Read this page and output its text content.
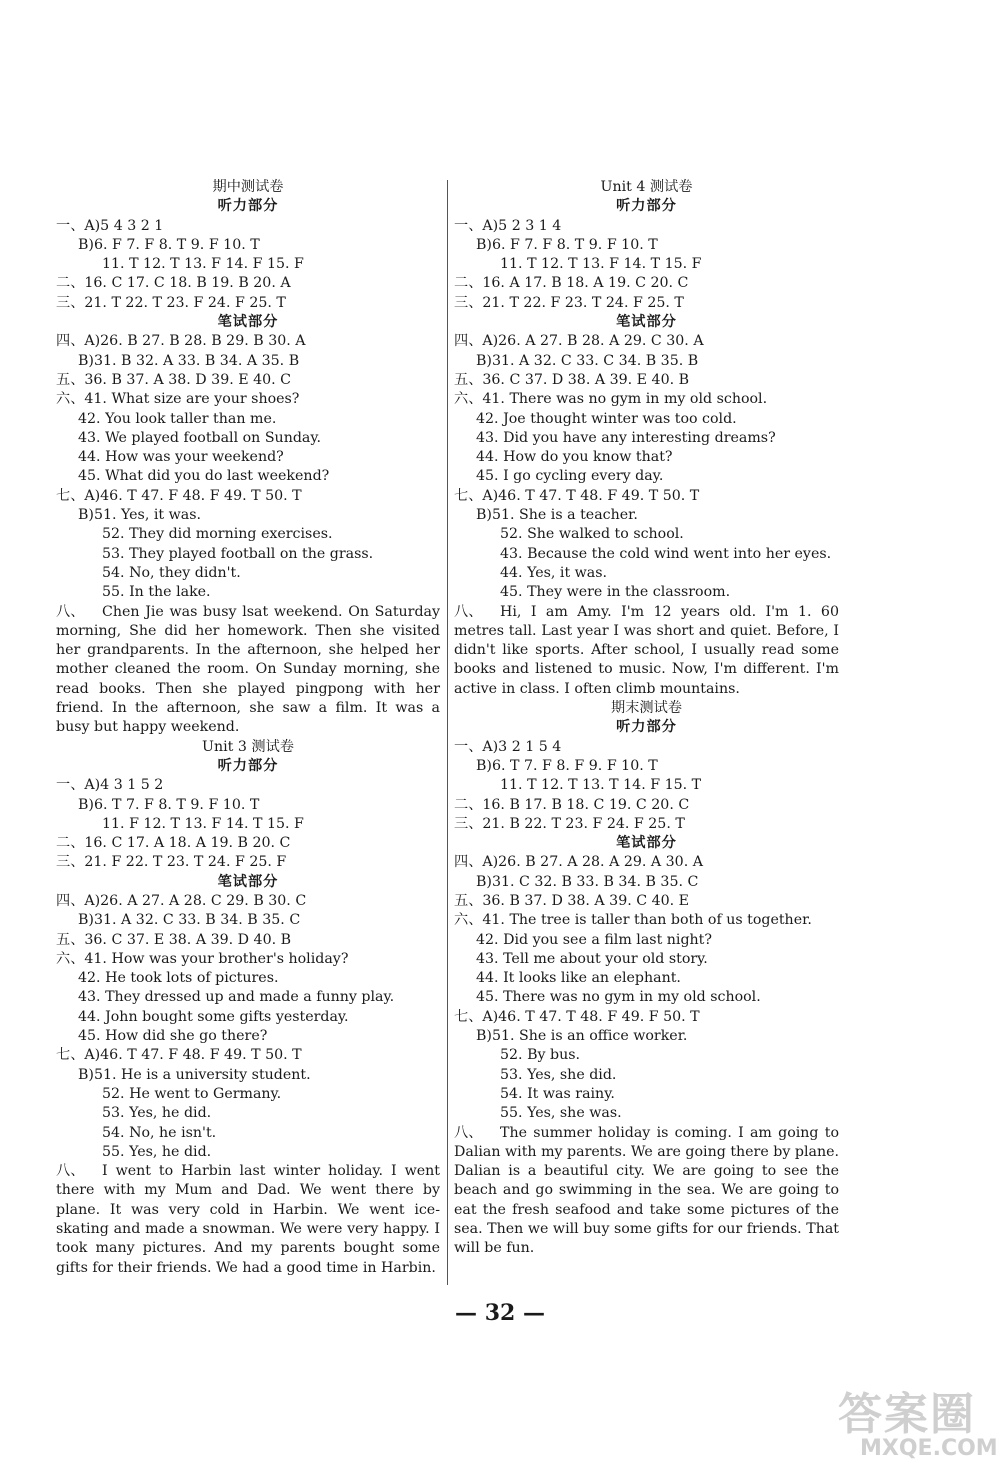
期中测试卷
听力部分
一、A)5 4 3 2 1
B)6. F 7. F 8. T 9. F 10. T
11. T 12. T 13. F 14. F 15. F
二、16. C 17. C 18. B 19. B 20. A
三、21. T 22. T 23. F 24. F 25. T
笔试部分
四、A)26. B 27. B 28. B 29. B 30. A
B)31. B 32. A 33. B 34. A 35. B
五、36. B 37. A 38. D 39. E 40. C
六、41. What size are your shoes?
42. You look taller than me.
43. We played football on Sunday.
44. How was your weekend?
45. What did you do last weekend?
七、A)46. T 47. F 48. F 49. T 50. T
B)51. Yes, it was.
52. They did morning exercises.
53. They played football on the grass.
54. No, they didn't.
55. In the lake.
八、 Chen Jie was busy lsat weekend. On Saturday morning, She did her homework. Then she visited her grandparents. In the afternoon, she helped her mother cleaned the room. On Sunday morning, she read books. Then she played pingpong with her friend. In the afternoon, she saw a film. It was a busy but happy weekend.
Unit 3 测试卷
听力部分
一、A)4 3 1 5 2
B)6. T 7. F 8. T 9. F 10. T
11. F 12. T 13. F 14. T 15. F
二、16. C 17. A 18. A 19. B 20. C
三、21. F 22. T 23. T 24. F 25. F
笔试部分
四、A)26. A 27. A 28. C 29. B 30. C
B)31. A 32. C 33. B 34. B 35. C
五、36. C 37. E 38. A 39. D 40. B
六、41. How was your brother's holiday?
42. He took lots of pictures.
43. They dressed up and made a funny play.
44. John bought some gifts yesterday.
45. How did she go there?
七、A)46. T 47. F 48. F 49. T 50. T
B)51. He is a university student.
52. He went to Germany.
53. Yes, he did.
54. No, he isn't.
55. Yes, he did.
八、 I went to Harbin last winter holiday. I went there with my Mum and Dad. We went there by plane. It was very cold in Harbin. We went ice-skating and made a snowman. We were very happy. I took many pictures. And my parents bought some gifts for their friends. We had a good time in Harbin.
Unit 4 测试卷
听力部分
一、A)5 2 3 1 4
B)6. F 7. F 8. T 9. F 10. T
11. T 12. T 13. F 14. T 15. F
二、16. A 17. B 18. A 19. C 20. C
三、21. T 22. F 23. T 24. F 25. T
笔试部分
四、A)26. A 27. B 28. A 29. C 30. A
B)31. A 32. C 33. C 34. B 35. B
五、36. C 37. D 38. A 39. E 40. B
六、41. There was no gym in my old school.
42. Joe thought winter was too cold.
43. Did you have any interesting dreams?
44. How do you know that?
45. I go cycling every day.
七、A)46. T 47. T 48. F 49. T 50. T
B)51. She is a teacher.
52. She walked to school.
43. Because the cold wind went into her eyes.
44. Yes, it was.
45. They were in the classroom.
八、 Hi, I am Amy. I'm 12 years old. I'm 1. 60 metres tall. Last year I was short and quiet. Before, I didn't like sports. After school, I usually read some books and listened to music. Now, I'm different. I'm active in class. I often climb mountains.
期末测试卷
听力部分
一、A)3 2 1 5 4
B)6. T 7. F 8. F 9. F 10. T
11. T 12. T 13. T 14. F 15. T
二、16. B 17. B 18. C 19. C 20. C
三、21. B 22. T 23. F 24. F 25. T
笔试部分
四、A)26. B 27. A 28. A 29. A 30. A
B)31. C 32. B 33. B 34. B 35. C
五、36. B 37. D 38. A 39. C 40. E
六、41. The tree is taller than both of us together.
42. Did you see a film last night?
43. Tell me about your old story.
44. It looks like an elephant.
45. There was no gym in my old school.
七、A)46. T 47. T 48. F 49. F 50. T
B)51. She is an office worker.
52. By bus.
53. Yes, she did.
54. It was rainy.
55. Yes, she was.
八、 The summer holiday is coming. I am going to Dalian with my parents. We are going there by plane. Dalian is a beautiful city. We are going to see the beach and go swimming in the sea. We are going to eat the fresh seafood and take some pictures of the sea. Then we will buy some gifts for our friends. That will be fun.
— 32 —
答案圈
MXQE.COM
